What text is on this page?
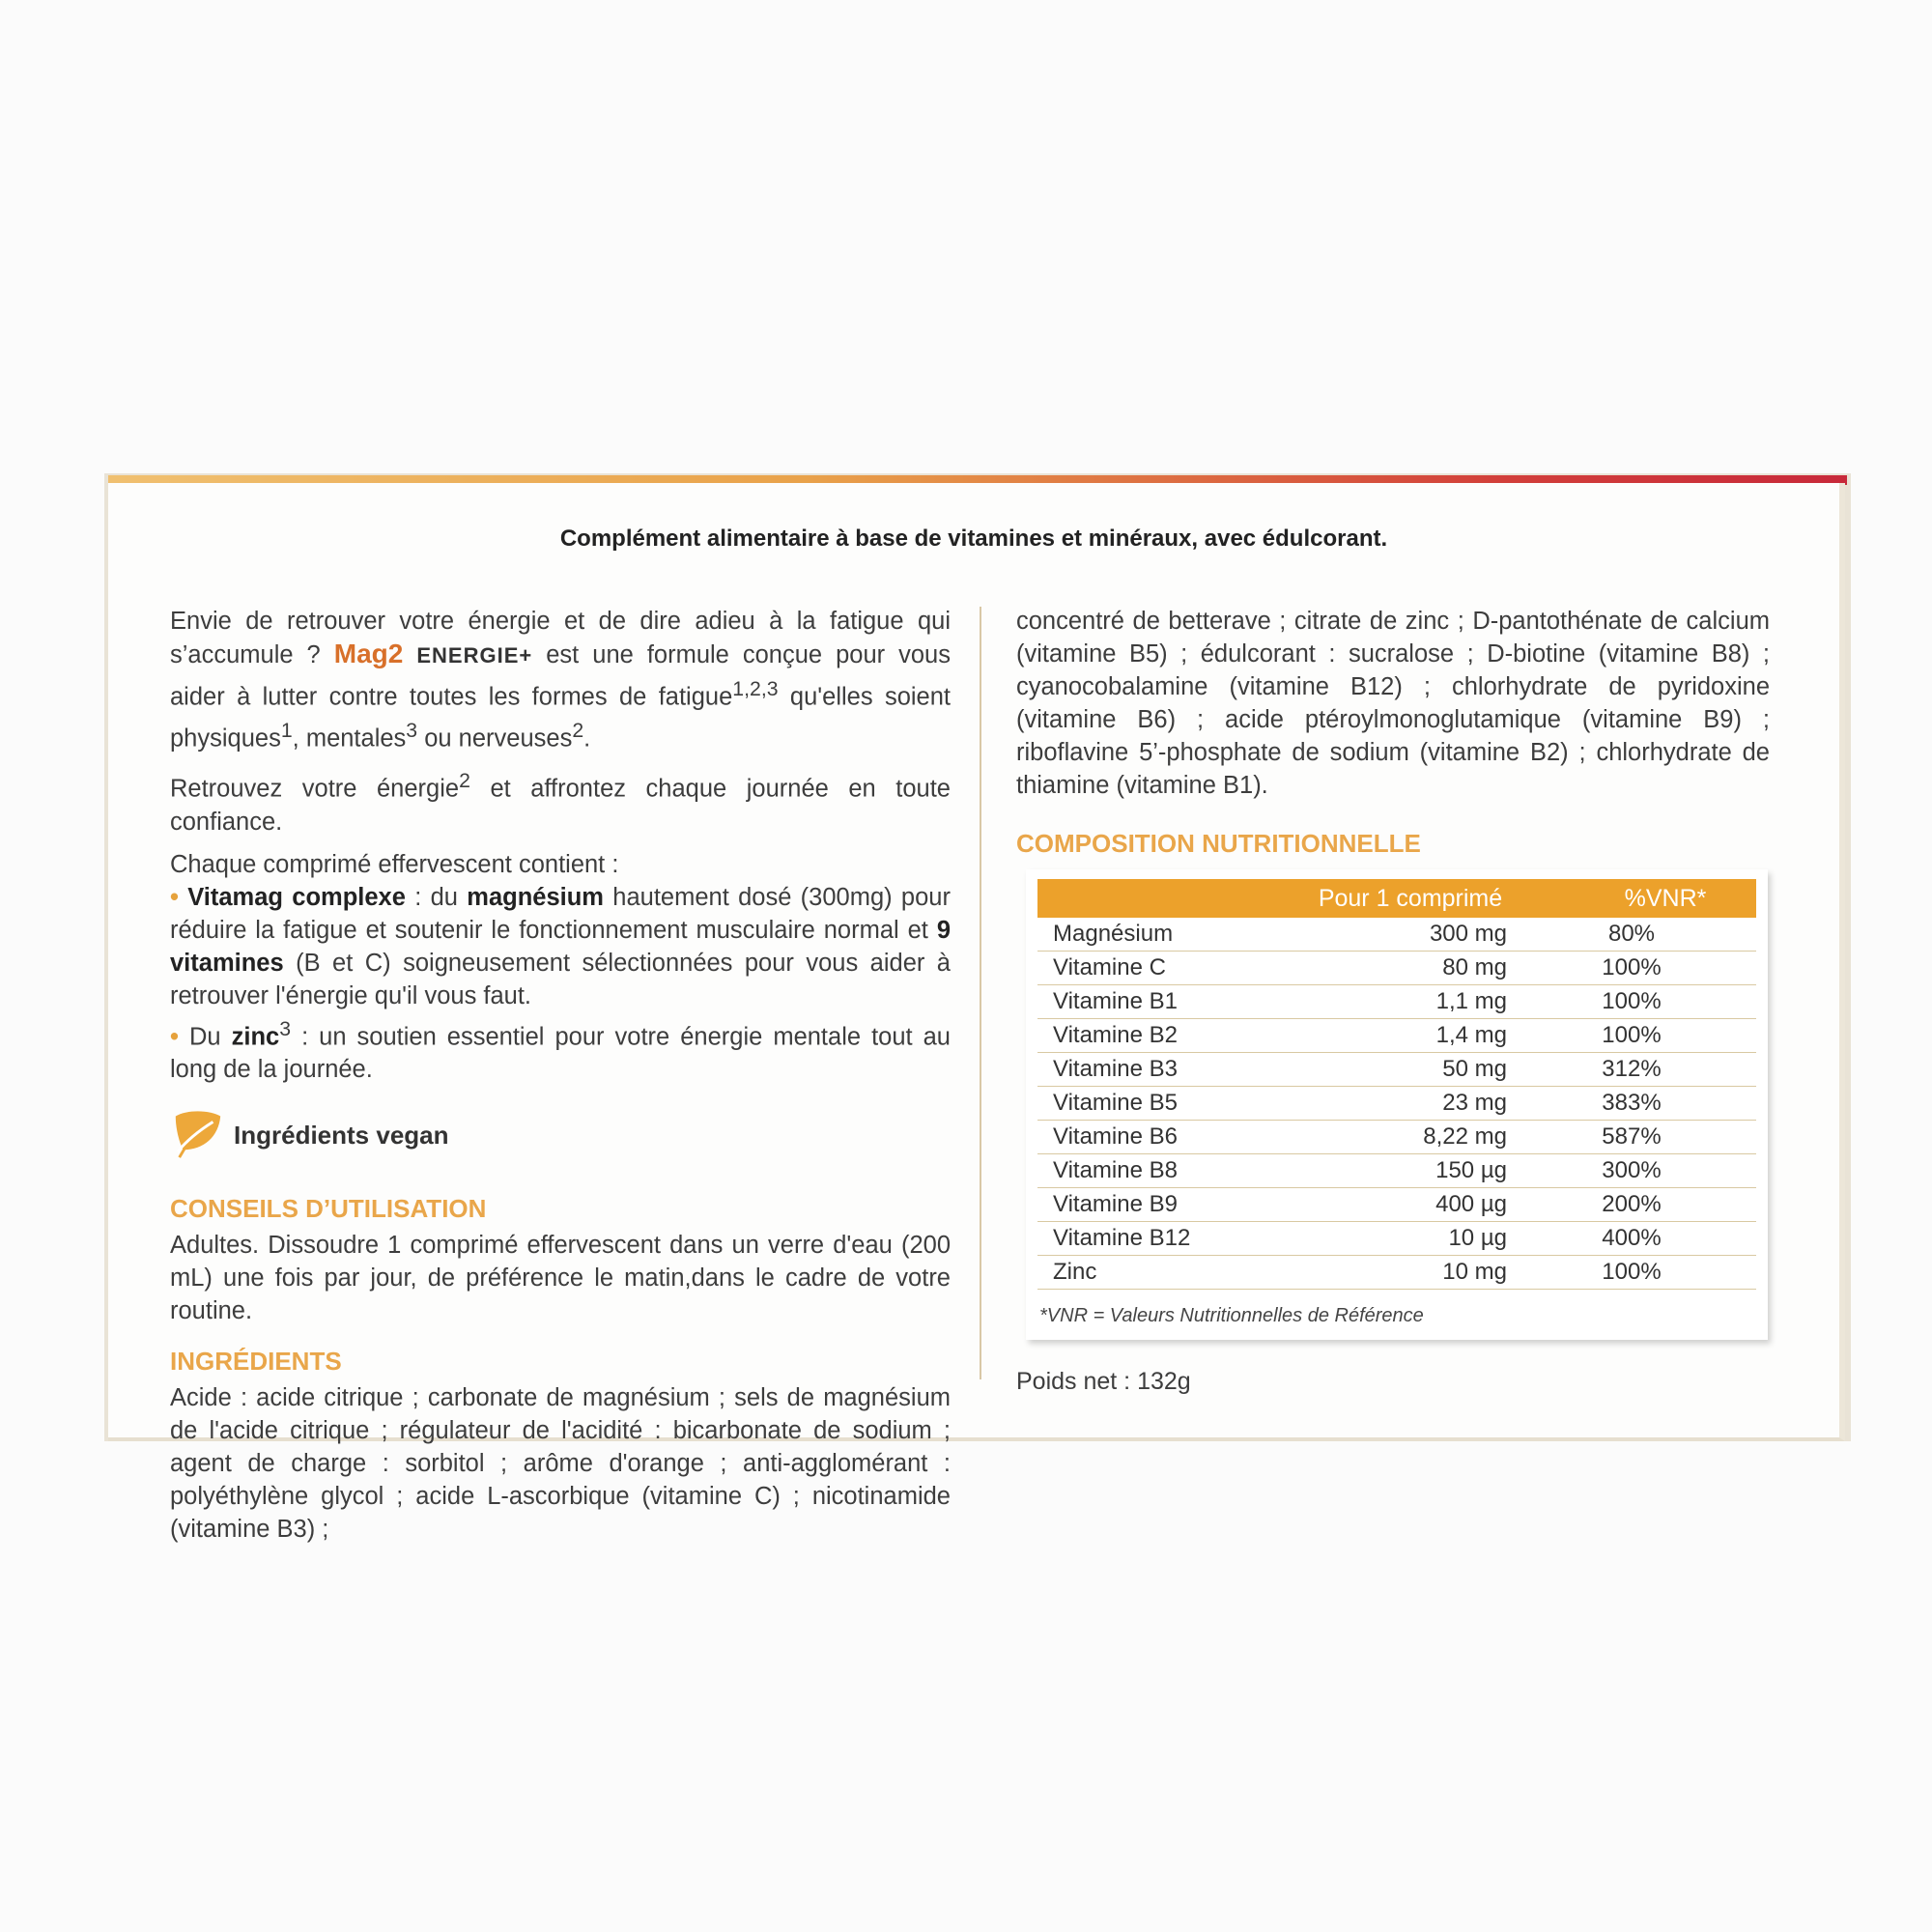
Complément alimentaire à base de vitamines et minéraux, avec édulcorant.

Envie de retrouver votre énergie et de dire adieu à la fatigue qui s’accumule ? Mag2 ENERGIE+ est une formule conçue pour vous aider à lutter contre toutes les formes de fatigue$^{1,2,3}$ qu'elles soient physiques$^1$, mentales$^3$ ou nerveuses$^2$.

Retrouvez votre énergie$^2$ et affrontez chaque journée en toute confiance.

Chaque comprimé effervescent contient :
• Vitamag complexe : du magnésium hautement dosé (300mg) pour réduire la fatigue et soutenir le fonctionnement musculaire normal et 9 vitamines (B et C) soigneusement sélectionnées pour vous aider à retrouver l'énergie qu'il vous faut.
• Du zinc$^3$ : un soutien essentiel pour votre énergie mentale tout au long de la journée.

Ingrédients vegan
CONSEILS D’UTILISATION

Adultes. Dissoudre 1 comprimé effervescent dans un verre d'eau (200 mL) une fois par jour, de préférence le matin,dans le cadre de votre routine.

INGRÉDIENTS

Acide : acide citrique ; carbonate de magnésium ; sels de magnésium de l'acide citrique ; régulateur de l'acidité : bicarbonate de sodium ; agent de charge : sorbitol ; arôme d'orange ; anti-agglomérant : polyéthylène glycol ; acide L-ascorbique (vitamine C) ; nicotinamide (vitamine B3) ;

concentré de betterave ; citrate de zinc ; D-pantothénate de calcium (vitamine B5) ; édulcorant : sucralose ; D-biotine (vitamine B8) ; cyanocobalamine (vitamine B12) ; chlorhydrate de pyridoxine (vitamine B6) ; acide ptéroylmonoglutamique (vitamine B9) ; riboflavine 5’-phosphate de sodium (vitamine B2) ; chlorhydrate de thiamine (vitamine B1).

COMPOSITION NUTRITIONNELLE
	Pour 1 comprimé	%VNR*
Magnésium	300 mg	80%
Vitamine C	80 mg	100%
Vitamine B1	1,1 mg	100%
Vitamine B2	1,4 mg	100%
Vitamine B3	50 mg	312%
Vitamine B5	23 mg	383%
Vitamine B6	8,22 mg	587%
Vitamine B8	150 µg	300%
Vitamine B9	400 µg	200%
Vitamine B12	10 µg	400%
Zinc	10 mg	100%
*VNR = Valeurs Nutritionnelles de Référence
Poids net : 132g
